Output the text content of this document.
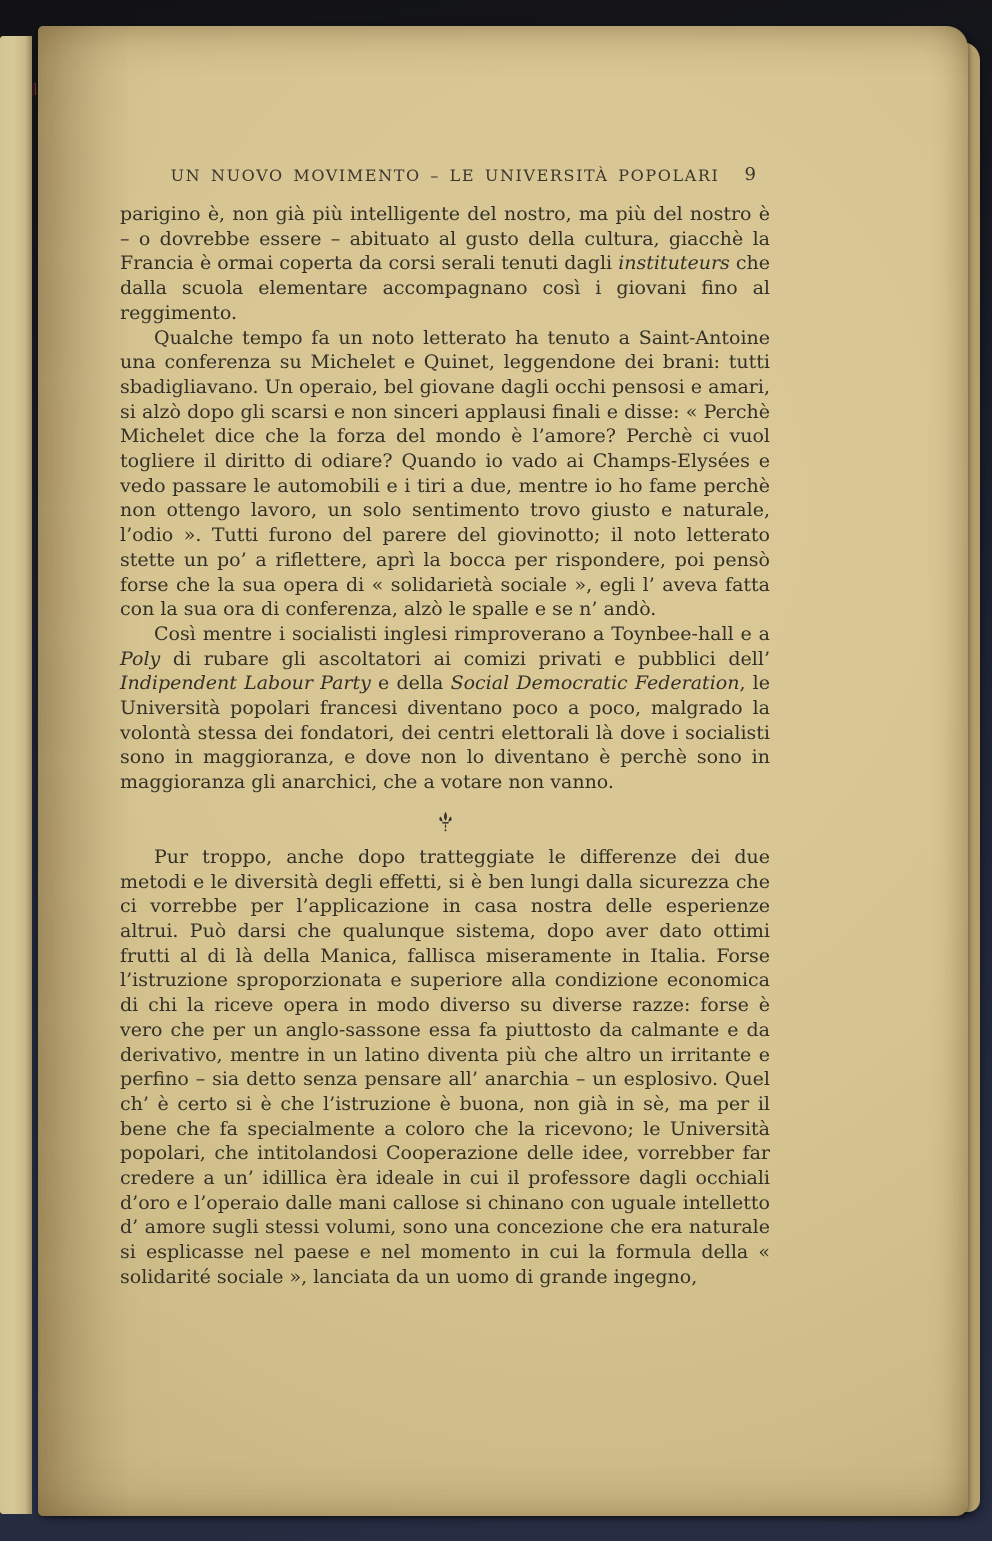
UN NUOVO MOVIMENTO – LE UNIVERSITÀ POPOLARI	9

parigino è, non già più intelligente del nostro, ma più del nostro è – o dovrebbe essere – abituato al gusto della cultura, giacchè la Francia è ormai coperta da corsi serali tenuti dagli instituteurs che dalla scuola elementare accompagnano così i giovani fino al reggimento.

Qualche tempo fa un noto letterato ha tenuto a Saint-Antoine una conferenza su Michelet e Quinet, leggendone dei brani: tutti sbadigliavano. Un operaio, bel giovane dagli occhi pensosi e amari, si alzò dopo gli scarsi e non sinceri applausi finali e disse: « Perchè Michelet dice che la forza del mondo è l’amore? Perchè ci vuol togliere il diritto di odiare? Quando io vado ai Champs-Elysées e vedo passare le automobili e i tiri a due, mentre io ho fame perchè non ottengo lavoro, un solo sentimento trovo giusto e naturale, l’odio ». Tutti furono del parere del giovinotto; il noto letterato stette un po’ a riflettere, aprì la bocca per rispondere, poi pensò forse che la sua opera di « solidarietà sociale », egli l’ aveva fatta con la sua ora di conferenza, alzò le spalle e se n’ andò.

Così mentre i socialisti inglesi rimproverano a Toynbee-hall e a Poly di rubare gli ascoltatori ai comizi privati e pubblici dell’ Indipendent Labour Party e della Social Democratic Federation, le Università popolari francesi diventano poco a poco, malgrado la volontà stessa dei fondatori, dei centri elettorali là dove i socialisti sono in maggioranza, e dove non lo diventano è perchè sono in maggioranza gli anarchici, che a votare non vanno.

Pur troppo, anche dopo tratteggiate le differenze dei due metodi e le diversità degli effetti, si è ben lungi dalla sicurezza che ci vorrebbe per l’applicazione in casa nostra delle esperienze altrui. Può darsi che qualunque sistema, dopo aver dato ottimi frutti al di là della Manica, fallisca miseramente in Italia. Forse l’istruzione sproporzionata e superiore alla condizione economica di chi la riceve opera in modo diverso su diverse razze: forse è vero che per un anglo-sassone essa fa piuttosto da calmante e da derivativo, mentre in un latino diventa più che altro un irritante e perfino – sia detto senza pensare all’ anarchia – un esplosivo. Quel ch’ è certo si è che l’istruzione è buona, non già in sè, ma per il bene che fa specialmente a coloro che la ricevono; le Università popolari, che intitolandosi Cooperazione delle idee, vorrebber far credere a un’ idillica èra ideale in cui il professore dagli occhiali d’oro e l’operaio dalle mani callose si chinano con uguale intelletto d’ amore sugli stessi volumi, sono una concezione che era naturale si esplicasse nel paese e nel momento in cui la formula della « solidarité sociale », lanciata da un uomo di grande ingegno,
